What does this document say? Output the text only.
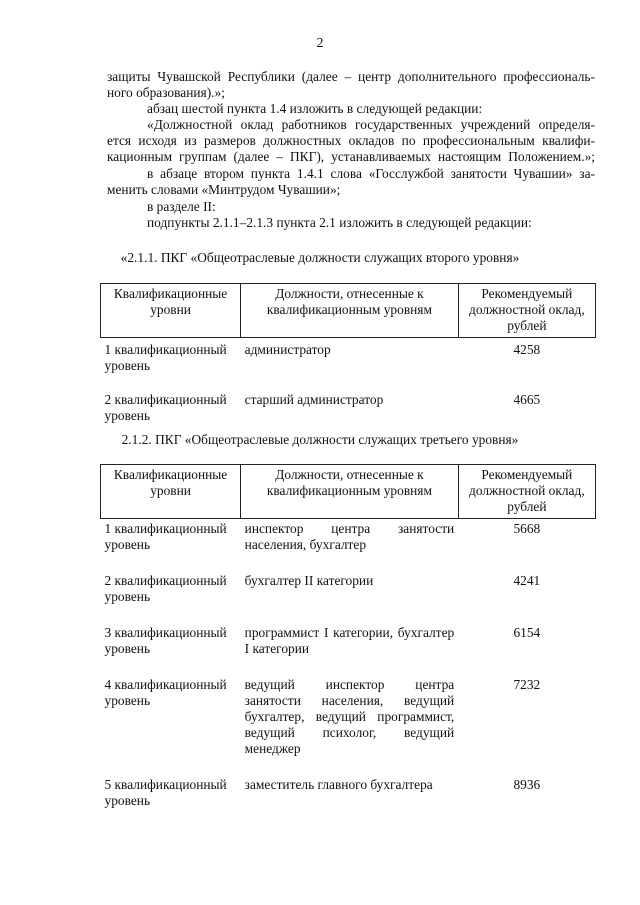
2
защиты Чувашской Республики (далее – центр дополнительного профессиональ-
ного образования).»;
абзац шестой пункта 1.4 изложить в следующей редакции:
«Должностной оклад работников государственных учреждений определя-
ется исходя из размеров должностных окладов по профессиональным квалифи-
кационным группам (далее – ПКГ), устанавливаемых настоящим Положением.»;
в абзаце втором пункта 1.4.1 слова «Госслужбой занятости Чувашии» за-
менить словами «Минтрудом Чувашии»;
в разделе II:
подпункты 2.1.1–2.1.3 пункта 2.1 изложить в следующей редакции:
«2.1.1. ПКГ «Общеотраслевые должности служащих второго уровня»
Квалификационные уровни	Должности, отнесенные к квалификационным уровням	Рекомендуемый должностной оклад, рублей
1 квалификационный уровень	администратор	4258
2 квалификационный уровень	старший администратор	4665
2.1.2. ПКГ «Общеотраслевые должности служащих третьего уровня»
Квалификационные уровни	Должности, отнесенные к квалификационным уровням	Рекомендуемый должностной оклад, рублей
1 квалификационный уровень	инспектор центра занятости населения, бухгалтер	5668
2 квалификационный уровень	бухгалтер II категории	4241
3 квалификационный уровень	программист I категории, бухгалтер I категории	6154
4 квалификационный уровень	ведущий инспектор центра занятости населения, ведущий бухгалтер, ведущий программист, ведущий психолог, ведущий менеджер	7232
5 квалификационный уровень	заместитель главного бухгалтера	8936
